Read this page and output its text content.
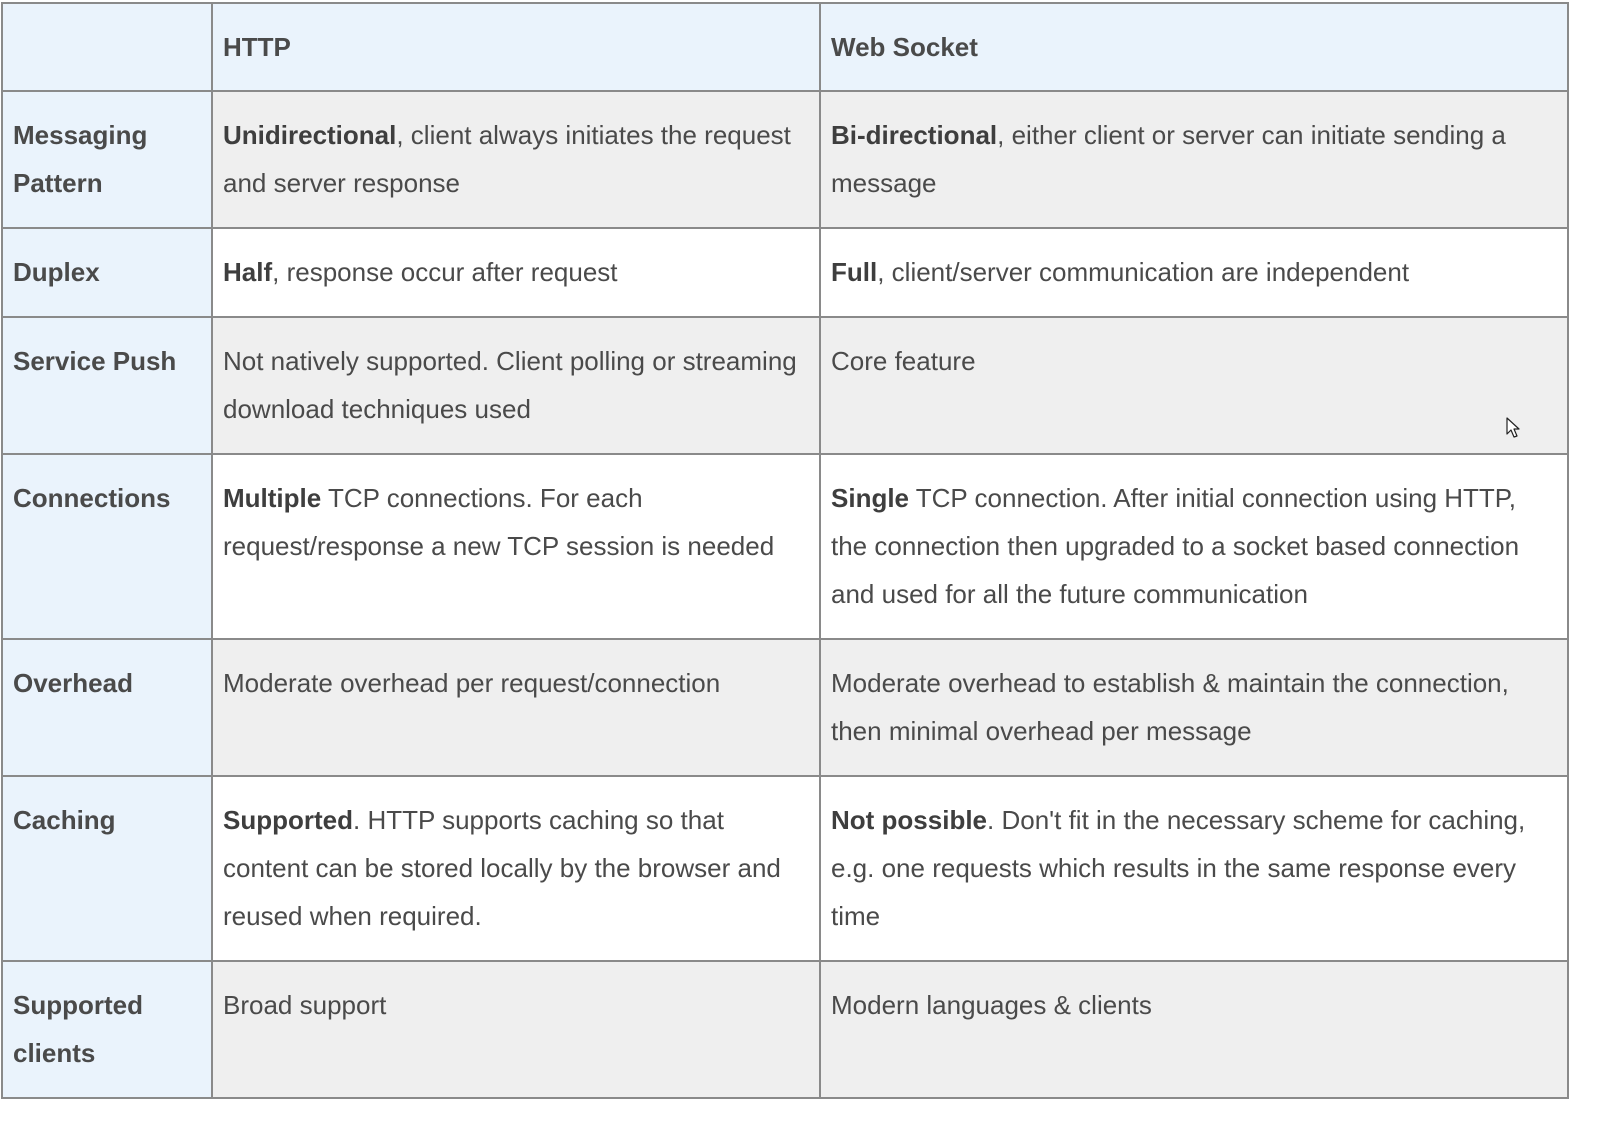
	HTTP	Web Socket
Messaging Pattern	Unidirectional, client always initiates the request and server response	Bi-directional, either client or server can initiate sending a message
Duplex	Half, response occur after request	Full, client/server communication are independent
Service Push	Not natively supported. Client polling or streaming download techniques used	Core feature
Connections	Multiple TCP connections. For each request/response a new TCP session is needed	Single TCP connection. After initial connection using HTTP, the connection then upgraded to a socket based connection and used for all the future communication
Overhead	Moderate overhead per request/connection	Moderate overhead to establish & maintain the connection, then minimal overhead per message
Caching	Supported. HTTP supports caching so that content can be stored locally by the browser and reused when required.	Not possible. Don't fit in the necessary scheme for caching, e.g. one requests which results in the same response every time
Supported clients	Broad support	Modern languages & clients
